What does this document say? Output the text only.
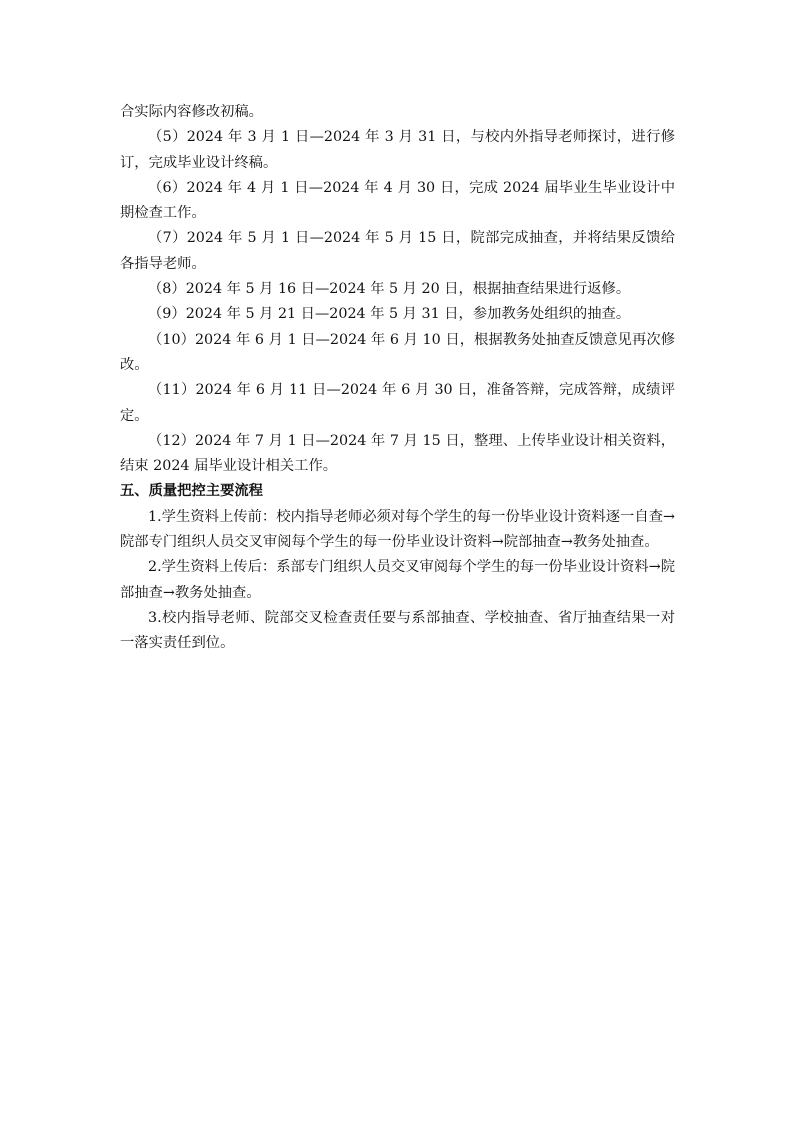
合实际内容修改初稿。

（5）2024 年 3 月 1 日—2024 年 3 月 31 日，与校内外指导老师探讨，进行修订，完成毕业设计终稿。

（6）2024 年 4 月 1 日—2024 年 4 月 30 日，完成 2024 届毕业生毕业设计中期检查工作。

（7）2024 年 5 月 1 日—2024 年 5 月 15 日，院部完成抽查，并将结果反馈给各指导老师。

（8）2024 年 5 月 16 日—2024 年 5 月 20 日，根据抽查结果进行返修。

（9）2024 年 5 月 21 日—2024 年 5 月 31 日，参加教务处组织的抽查。

（10）2024 年 6 月 1 日—2024 年 6 月 10 日，根据教务处抽查反馈意见再次修改。

（11）2024 年 6 月 11 日—2024 年 6 月 30 日，准备答辩，完成答辩，成绩评定。

（12）2024 年 7 月 1 日—2024 年 7 月 15 日，整理、上传毕业设计相关资料，结束 2024 届毕业设计相关工作。

五、质量把控主要流程

1.学生资料上传前：校内指导老师必须对每个学生的每一份毕业设计资料逐一自查→院部专门组织人员交叉审阅每个学生的每一份毕业设计资料→院部抽查→教务处抽查。

2.学生资料上传后：系部专门组织人员交叉审阅每个学生的每一份毕业设计资料→院部抽查→教务处抽查。

3.校内指导老师、院部交叉检查责任要与系部抽查、学校抽查、省厅抽查结果一对一落实责任到位。
